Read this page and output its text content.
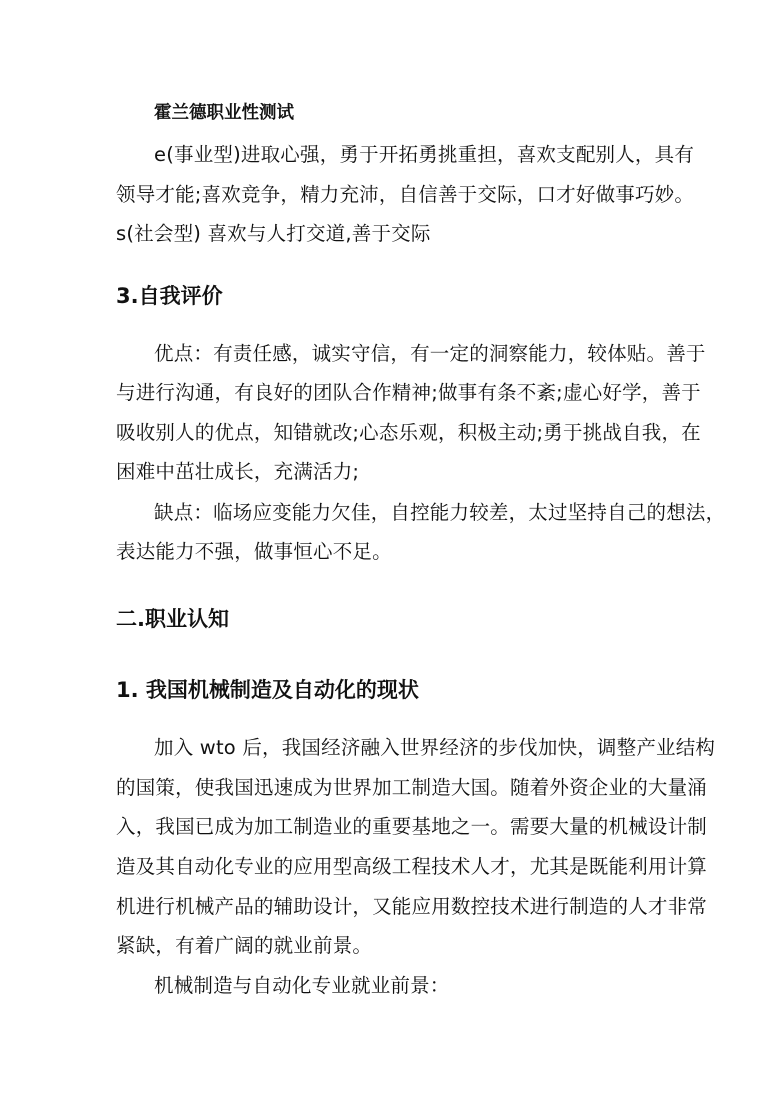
霍兰德职业性测试
e(事业型)进取心强，勇于开拓勇挑重担，喜欢支配别人，具有
领导才能;喜欢竞争，精力充沛，自信善于交际，口才好做事巧妙。
s(社会型) 喜欢与人打交道,善于交际
3.自我评价
优点：有责任感，诚实守信，有一定的洞察能力，较体贴。善于
与进行沟通，有良好的团队合作精神;做事有条不紊;虚心好学，善于
吸收别人的优点，知错就改;心态乐观，积极主动;勇于挑战自我，在
困难中茁壮成长，充满活力;
缺点：临场应变能力欠佳，自控能力较差，太过坚持自己的想法，
表达能力不强，做事恒心不足。
二.职业认知
1. 我国机械制造及自动化的现状
加入 wto 后，我国经济融入世界经济的步伐加快，调整产业结构
的国策，使我国迅速成为世界加工制造大国。随着外资企业的大量涌
入，我国已成为加工制造业的重要基地之一。需要大量的机械设计制
造及其自动化专业的应用型高级工程技术人才，尤其是既能利用计算
机进行机械产品的辅助设计，又能应用数控技术进行制造的人才非常
紧缺，有着广阔的就业前景。
机械制造与自动化专业就业前景：
